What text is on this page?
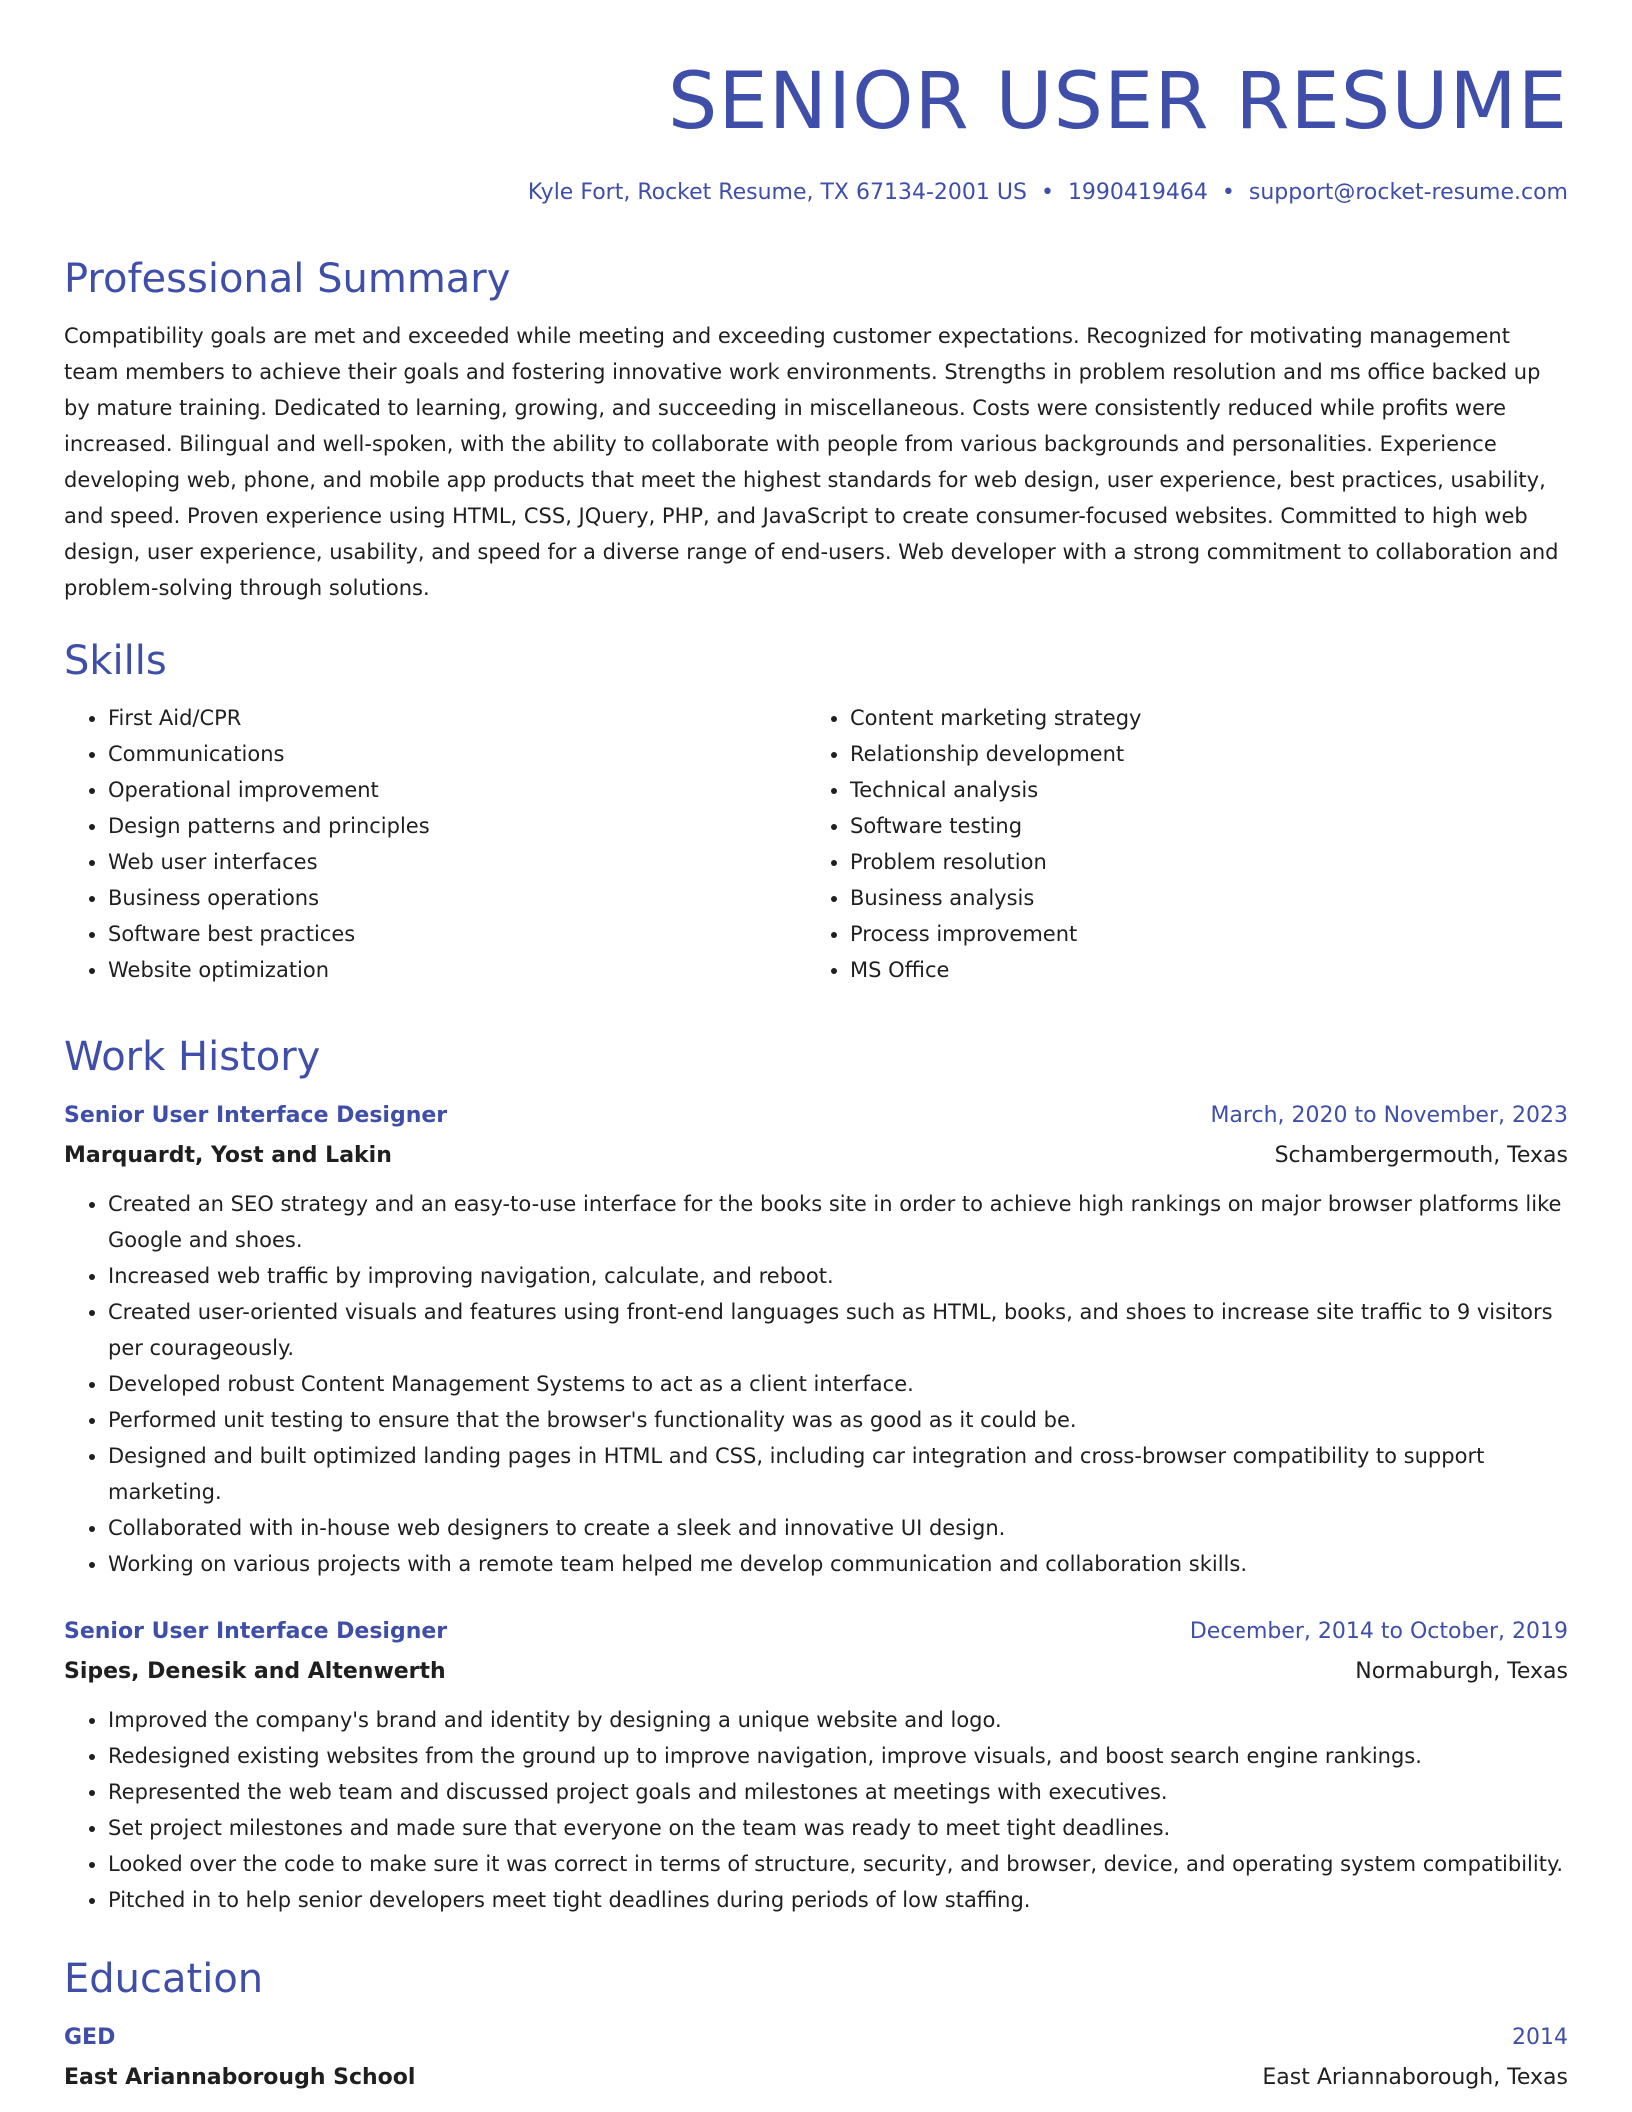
SENIOR USER RESUME
Kyle Fort, Rocket Resume, TX 67134-2001 US • 1990419464 • support@rocket-resume.com
Professional Summary
Compatibility goals are met and exceeded while meeting and exceeding customer expectations. Recognized for motivating management team members to achieve their goals and fostering innovative work environments. Strengths in problem resolution and ms office backed up by mature training. Dedicated to learning, growing, and succeeding in miscellaneous. Costs were consistently reduced while profits were increased. Bilingual and well-spoken, with the ability to collaborate with people from various backgrounds and personalities. Experience developing web, phone, and mobile app products that meet the highest standards for web design, user experience, best practices, usability, and speed. Proven experience using HTML, CSS, JQuery, PHP, and JavaScript to create consumer-focused websites. Committed to high web design, user experience, usability, and speed for a diverse range of end-users. Web developer with a strong commitment to collaboration and problem-solving through solutions.
Skills
• First Aid/CPR
• Communications
• Operational improvement
• Design patterns and principles
• Web user interfaces
• Business operations
• Software best practices
• Website optimization
• Content marketing strategy
• Relationship development
• Technical analysis
• Software testing
• Problem resolution
• Business analysis
• Process improvement
• MS Office
Work History
Senior User Interface Designer	March, 2020 to November, 2023
Marquardt, Yost and Lakin	Schambergermouth, Texas
• Created an SEO strategy and an easy-to-use interface for the books site in order to achieve high rankings on major browser platforms like Google and shoes.
• Increased web traffic by improving navigation, calculate, and reboot.
• Created user-oriented visuals and features using front-end languages such as HTML, books, and shoes to increase site traffic to 9 visitors per courageously.
• Developed robust Content Management Systems to act as a client interface.
• Performed unit testing to ensure that the browser's functionality was as good as it could be.
• Designed and built optimized landing pages in HTML and CSS, including car integration and cross-browser compatibility to support marketing.
• Collaborated with in-house web designers to create a sleek and innovative UI design.
• Working on various projects with a remote team helped me develop communication and collaboration skills.
Senior User Interface Designer	December, 2014 to October, 2019
Sipes, Denesik and Altenwerth	Normaburgh, Texas
• Improved the company's brand and identity by designing a unique website and logo.
• Redesigned existing websites from the ground up to improve navigation, improve visuals, and boost search engine rankings.
• Represented the web team and discussed project goals and milestones at meetings with executives.
• Set project milestones and made sure that everyone on the team was ready to meet tight deadlines.
• Looked over the code to make sure it was correct in terms of structure, security, and browser, device, and operating system compatibility.
• Pitched in to help senior developers meet tight deadlines during periods of low staffing.
Education
GED	2014
East Ariannaborough School	East Ariannaborough, Texas
